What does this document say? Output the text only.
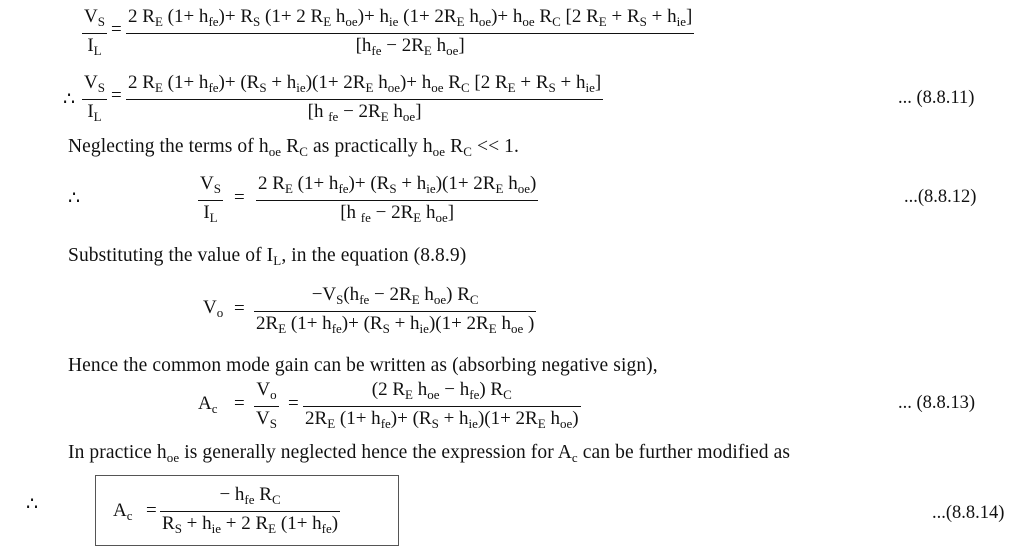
$V_S$
$I_L$
=
2 $R_E$ $(1+ h_{fe})+ R_S$ (1+ 2 $R_E$ $h_{oe})+ h_{ie}$ ($1+ 2R_E$ $h_{oe})+ h_{oe}$ $R_C$ [2 $R_E + R_S + h_{ie}$]
[$h_{fe} - 2R_E$ $h_{oe}$]
∴
$V_S$
$I_L$
=
2 $R_E$ $(1+ h_{fe})+ (R_S + h_{ie})(1+ 2R_E$ $h_{oe})+ h_{oe}$ $R_C$ [2 $R_E + R_S + h_{ie}$]
[h $_{fe} - 2R_E$ $h_{oe}$]
... (8.8.11)
Neglecting the terms of $h_{oe}$ $R_C$ as practically $h_{oe}$ $R_C << 1$.
∴
$V_S$
$I_L$
=
2 $R_E$ $(1+ h_{fe})+ (R_S + h_{ie})(1+ 2R_E$ $h_{oe}$)
[h $_{fe} - 2R_E$ $h_{oe}$]
...(8.8.12)
Substituting the value of $I_L$, in the equation (8.8.9)
$V_o$ =
$-V_S(h_{fe} - 2R_E$ $h_{oe}$) $R_C$
$2R_E$ $(1+ h_{fe})+ (R_S + h_{ie})(1+ 2R_E$ $h_{oe}$ )
Hence the common mode gain can be written as (absorbing negative sign),
$A_c$ =
$V_o$
$V_S$
=
(2 $R_E$ $h_{oe} - h_{fe}$) $R_C$
$2R_E$ $(1+ h_{fe})+ (R_S + h_{ie})(1+ 2R_E$ $h_{oe}$)
... (8.8.13)
In practice $h_{oe}$ is generally neglected hence the expression for $A_c$ can be further modified as
∴	$A_c$ =
− $h_{fe}$ $R_C$
$R_S + h_{ie} + 2$ $R_E$ $(1+ h_{fe})$
...(8.8.14)
